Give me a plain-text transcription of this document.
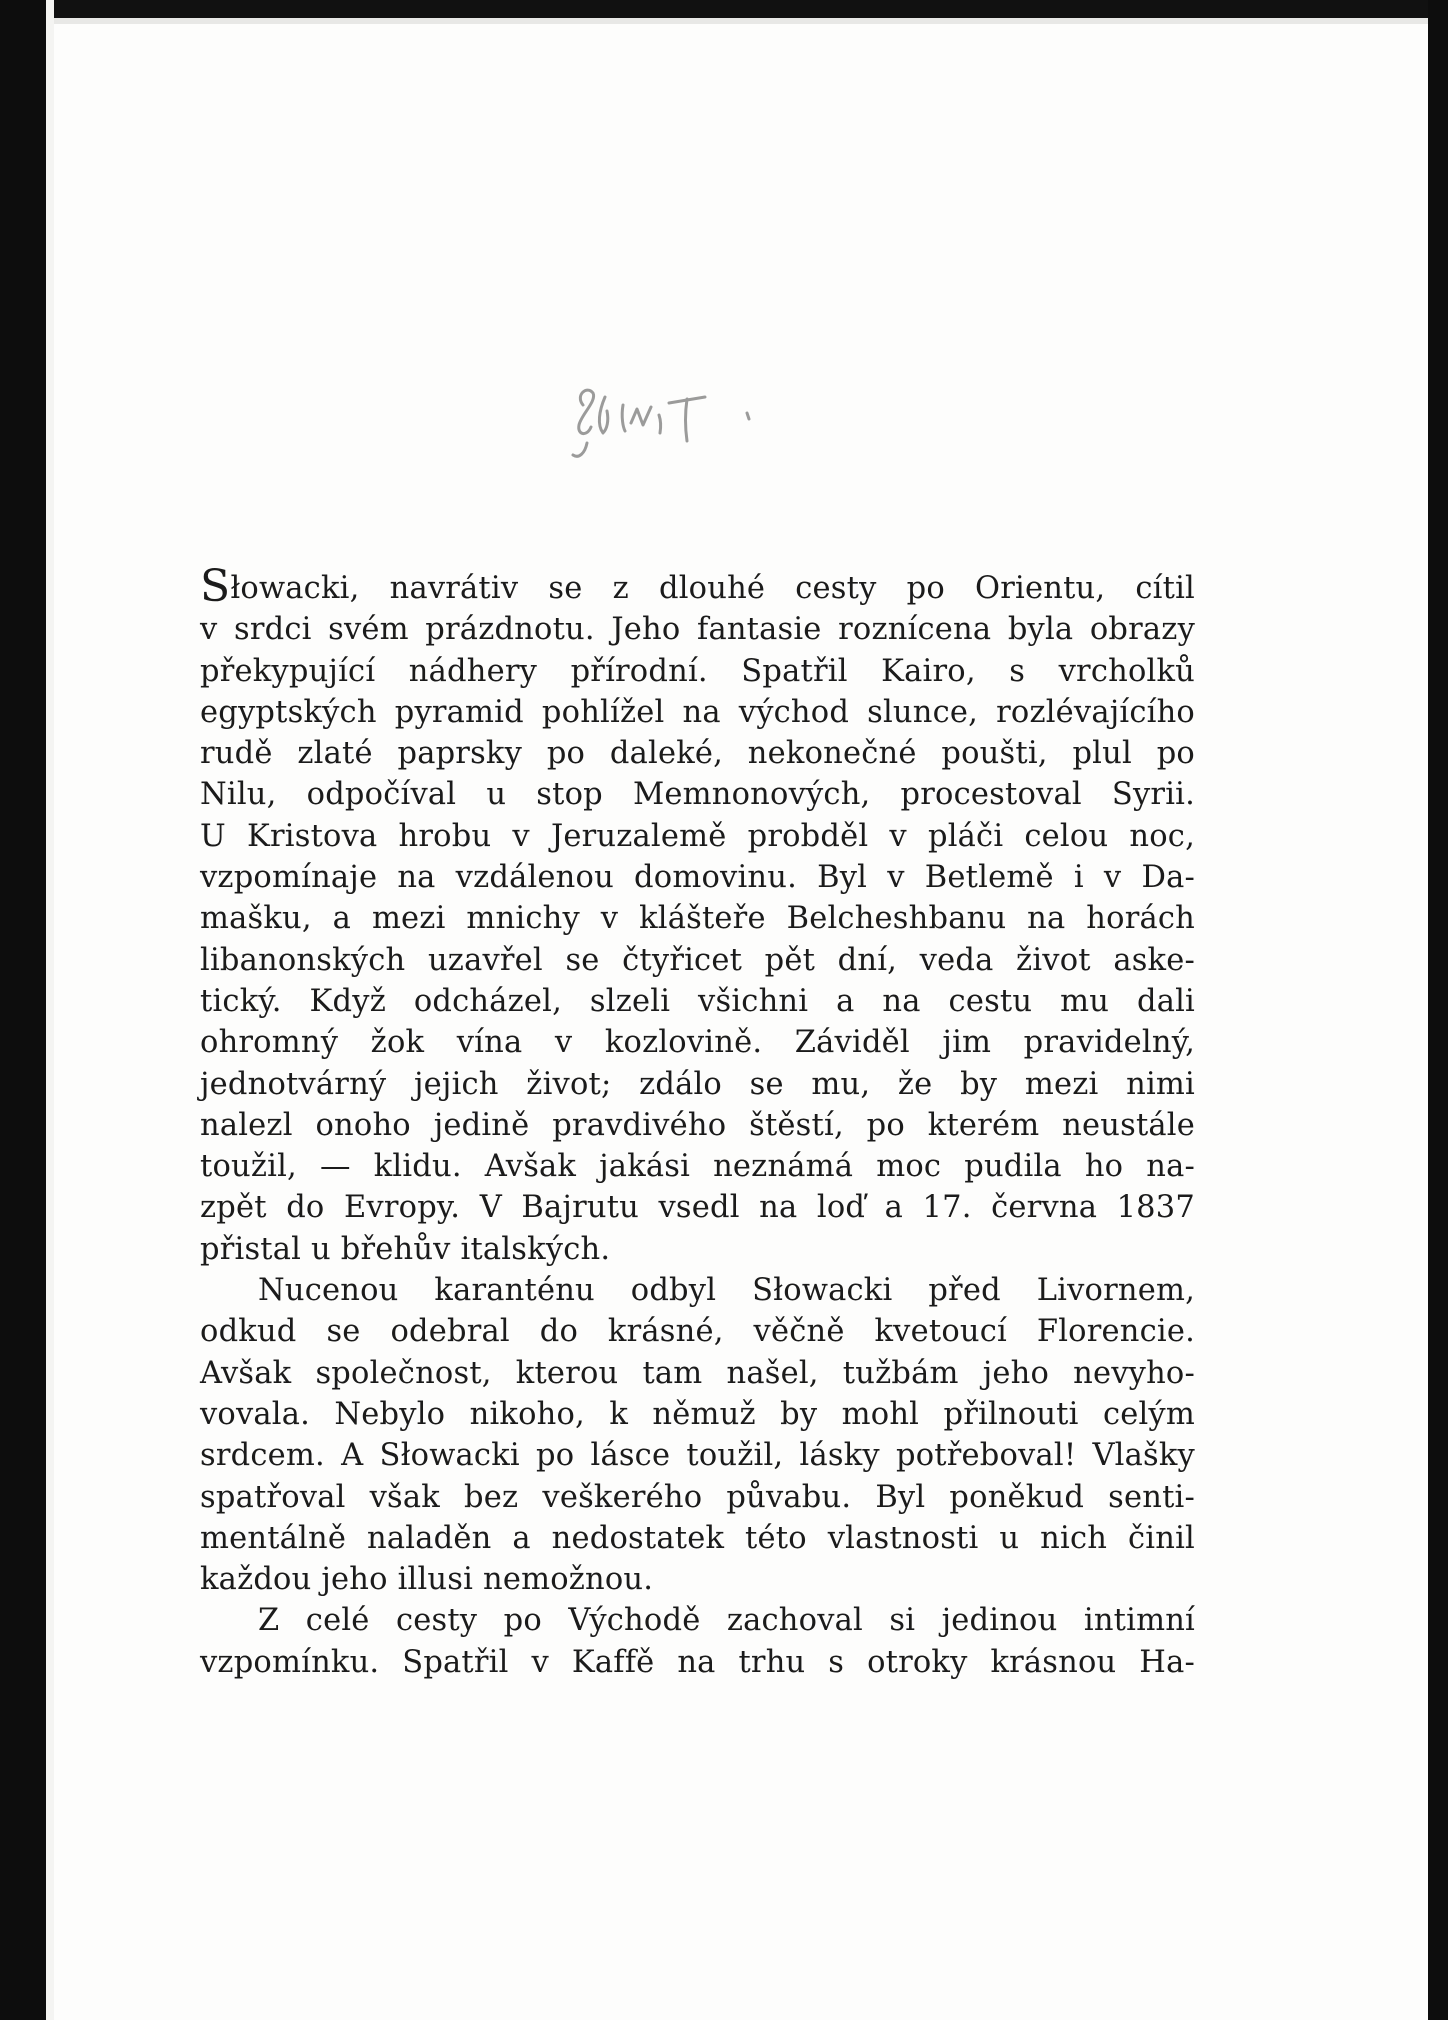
Słowacki, navrátiv se z dlouhé cesty po Orientu, cítil
v srdci svém prázdnotu. Jeho fantasie roznícena byla obrazy
překypující nádhery přírodní. Spatřil Kairo, s vrcholků
egyptských pyramid pohlížel na východ slunce, rozlévajícího
rudě zlaté paprsky po daleké, nekonečné poušti, plul po
Nilu, odpočíval u stop Memnonových, procestoval Syrii.
U Kristova hrobu v Jeruzalemě probděl v pláči celou noc,
vzpomínaje na vzdálenou domovinu. Byl v Betlemě i v Da-
mašku, a mezi mnichy v klášteře Belcheshbanu na horách
libanonských uzavřel se čtyřicet pět dní, veda život aske-
tický. Když odcházel, slzeli všichni a na cestu mu dali
ohromný žok vína v kozlovině. Záviděl jim pravidelný,
jednotvárný jejich život; zdálo se mu, že by mezi nimi
nalezl onoho jedině pravdivého štěstí, po kterém neustále
toužil, — klidu. Avšak jakási neznámá moc pudila ho na-
zpět do Evropy. V Bajrutu vsedl na loď a 17. června 1837
přistal u břehův italských.
Nucenou karanténu odbyl Słowacki před Livornem,
odkud se odebral do krásné, věčně kvetoucí Florencie.
Avšak společnost, kterou tam našel, tužbám jeho nevyho-
vovala. Nebylo nikoho, k němuž by mohl přilnouti celým
srdcem. A Słowacki po lásce toužil, lásky potřeboval! Vlašky
spatřoval však bez veškerého půvabu. Byl poněkud senti-
mentálně naladěn a nedostatek této vlastnosti u nich činil
každou jeho illusi nemožnou.
Z celé cesty po Východě zachoval si jedinou intimní
vzpomínku. Spatřil v Kaffě na trhu s otroky krásnou Ha-
